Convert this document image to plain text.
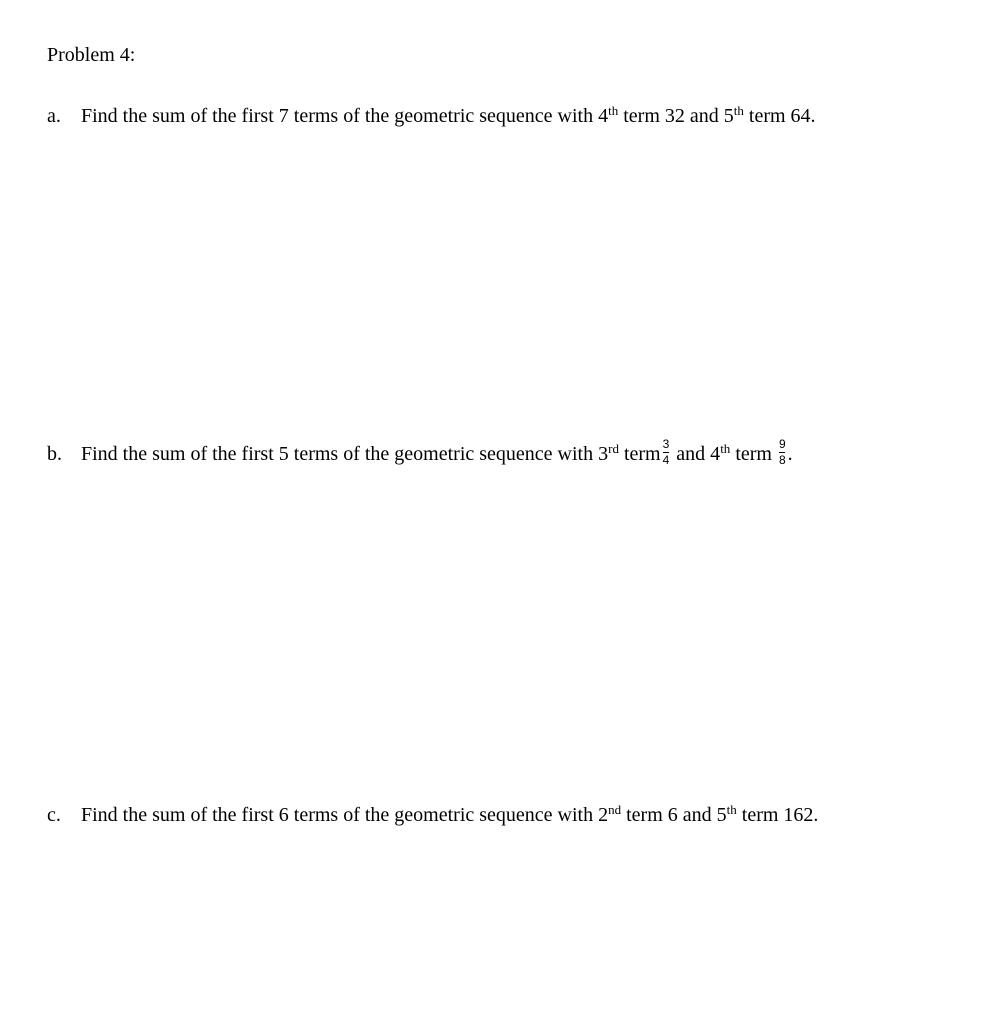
Problem 4:
a. Find the sum of the first 7 terms of the geometric sequence with 4th term 32 and 5th term 64.
b. Find the sum of the first 5 terms of the geometric sequence with 3rd term $\frac{3}{4}$ and 4th term $\frac{9}{8}$ .
c. Find the sum of the first 6 terms of the geometric sequence with 2nd term 6 and 5th term 162.
